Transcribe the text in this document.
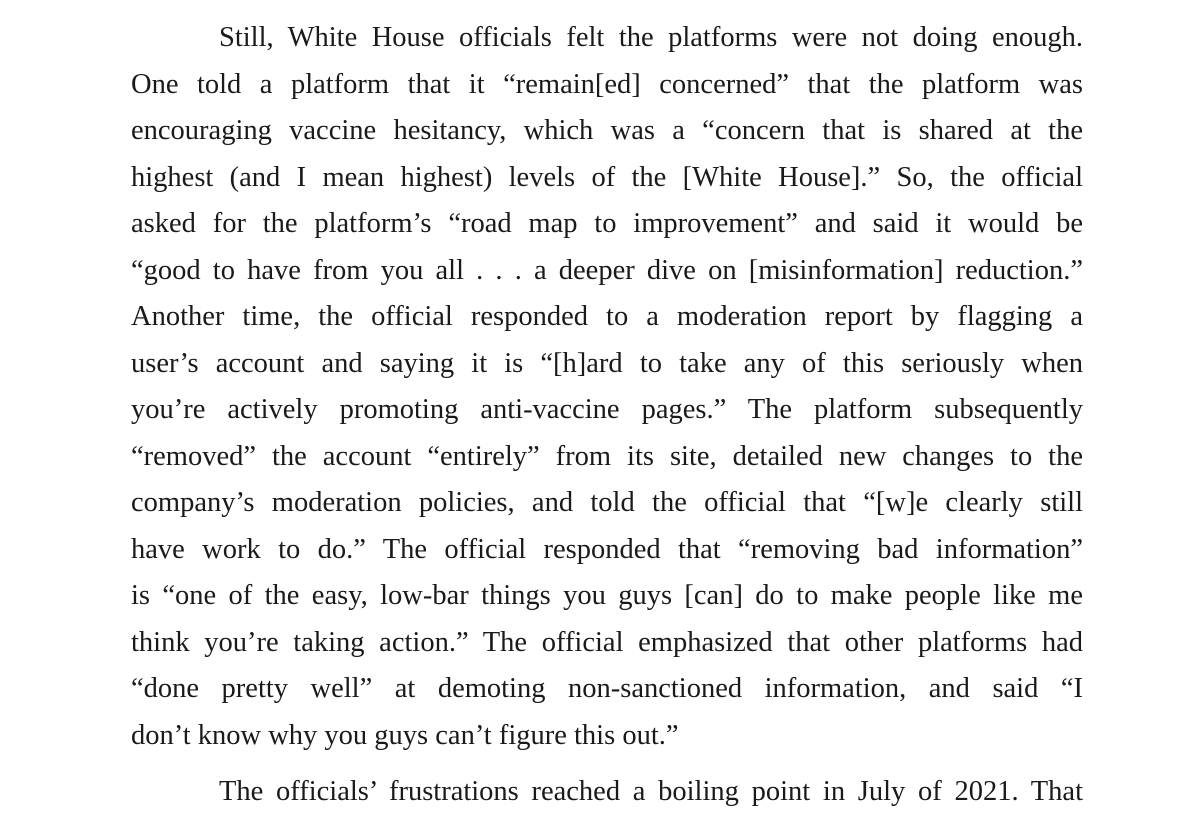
Still, White House officials felt the platforms were not doing enough.
One told a platform that it “remain[ed] concerned” that the platform was
encouraging vaccine hesitancy, which was a “concern that is shared at the
highest (and I mean highest) levels of the [White House].” So, the official
asked for the platform’s “road map to improvement” and said it would be
“good to have from you all . . . a deeper dive on [misinformation] reduction.”
Another time, the official responded to a moderation report by flagging a
user’s account and saying it is “[h]ard to take any of this seriously when
you’re actively promoting anti-vaccine pages.” The platform subsequently
“removed” the account “entirely” from its site, detailed new changes to the
company’s moderation policies, and told the official that “[w]e clearly still
have work to do.” The official responded that “removing bad information”
is “one of the easy, low-bar things you guys [can] do to make people like me
think you’re taking action.” The official emphasized that other platforms had
“done pretty well” at demoting non-sanctioned information, and said “I
don’t know why you guys can’t figure this out.”
The officials’ frustrations reached a boiling point in July of 2021. That
